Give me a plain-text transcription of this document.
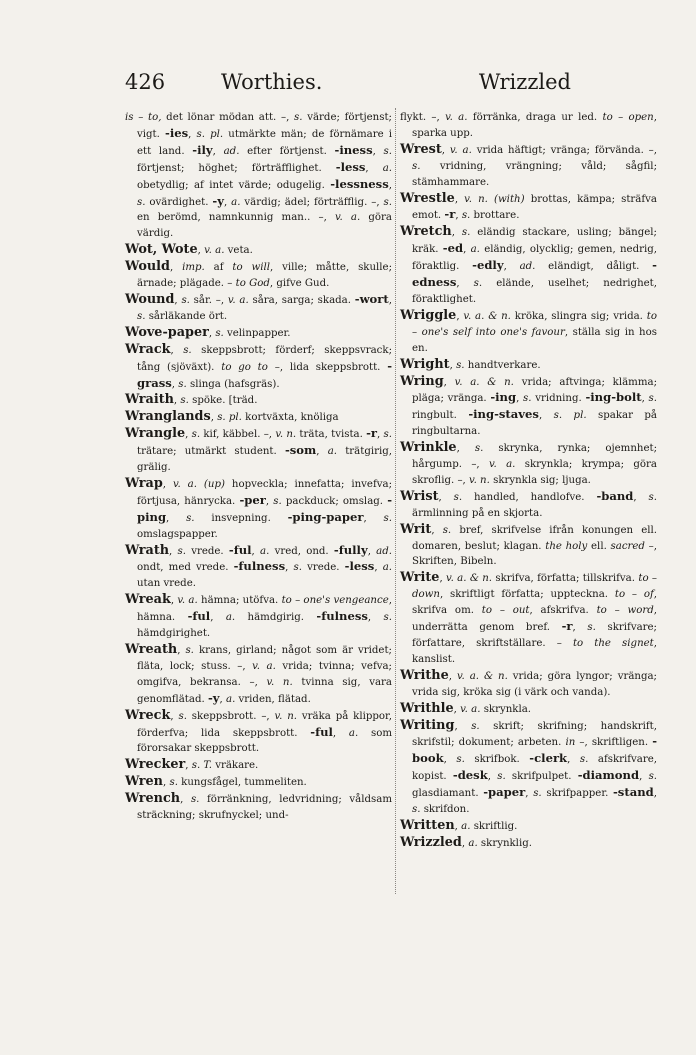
426	Worthies.	Wrizzled

is – to, det lönar mödan att. –, s. värde; förtjenst; vigt. -ies, s. pl. utmärkte män; de förnämare i ett land. -ily, ad. efter förtjenst. -iness, s. förtjenst; höghet; förträfflighet. -less, a. obetydlig; af intet värde; odugelig. -lessness, s. ovärdighet. -y, a. värdig; ädel; förträfflig. –, s. en berömd, namnkunnig man.. –, v. a. göra värdig.

Wot, Wote, v. a. veta.

Would, imp. af to will, ville; måtte, skulle; ärnade; plägade. – to God, gifve Gud.

Wound, s. sår. –, v. a. såra, sarga; skada. -wort, s. sårläkande ört.

Wove-paper, s. velinpapper.

Wrack, s. skeppsbrott; förderf; skeppsvrack; tång (sjöväxt). to go to –, lida skeppsbrott. -grass, s. slinga (hafsgräs).

Wraith, s. spöke. [träd.

Wranglands, s. pl. kortväxta, knöliga

Wrangle, s. kif, käbbel. –, v. n. träta, tvista. -r, s. trätare; utmärkt student. -som, a. trätgirig, grälig.

Wrap, v. a. (up) hopveckla; innefatta; invefva; förtjusa, hänrycka. -per, s. packduck; omslag. -ping, s. insvepning. -ping-paper, s. omslagspapper.

Wrath, s. vrede. -ful, a. vred, ond. -fully, ad. ondt, med vrede. -fulness, s. vrede. -less, a. utan vrede.

Wreak, v. a. hämna; utöfva. to – one's vengeance, hämna. -ful, a. hämdgirig. -fulness, s. hämdgirighet.

Wreath, s. krans, girland; något som är vridet; fläta, lock; stuss. –, v. a. vrida; tvinna; vefva; omgifva, bekransa. –, v. n. tvinna sig, vara genomflätad. -y, a. vriden, flätad.

Wreck, s. skeppsbrott. –, v. n. vräka på klippor, förderfva; lida skeppsbrott. -ful, a. som förorsakar skeppsbrott.

Wrecker, s. T. vräkare.

Wren, s. kungsfågel, tummeliten.

Wrench, s. förränkning, ledvridning; våldsam sträckning; skrufnyckel; und-

flykt. –, v. a. förränka, draga ur led. to – open, sparka upp.

Wrest, v. a. vrida häftigt; vränga; förvända. –, s. vridning, vrängning; våld; sågfil; stämhammare.

Wrestle, v. n. (with) brottas, kämpa; sträfva emot. -r, s. brottare.

Wretch, s. eländig stackare, usling; bängel; kräk. -ed, a. eländig, olycklig; gemen, nedrig, föraktlig. -edly, ad. eländigt, dåligt. -edness, s. elände, uselhet; nedrighet, föraktlighet.

Wriggle, v. a. & n. kröka, slingra sig; vrida. to – one's self into one's favour, ställa sig in hos en.

Wright, s. handtverkare.

Wring, v. a. & n. vrida; aftvinga; klämma; pläga; vränga. -ing, s. vridning. -ing-bolt, s. ringbult. -ing-staves, s. pl. spakar på ringbultarna.

Wrinkle, s. skrynka, rynka; ojemnhet; hårgump. –, v. a. skrynkla; krympa; göra skroflig. –, v. n. skrynkla sig; ljuga.

Wrist, s. handled, handlofve. -band, s. ärmlinning på en skjorta.

Writ, s. bref, skrifvelse ifrån konungen ell. domaren, beslut; klagan. the holy ell. sacred –, Skriften, Bibeln.

Write, v. a. & n. skrifva, författa; tillskrifva. to – down, skriftligt författa; uppteckna. to – of, skrifva om. to – out, afskrifva. to – word, underrätta genom bref. -r, s. skrifvare; författare, skriftställare. – to the signet, kanslist.

Writhe, v. a. & n. vrida; göra lyngor; vränga; vrida sig, kröka sig (i värk och vanda).

Writhle, v. a. skrynkla.

Writing, s. skrift; skrifning; handskrift, skrifstil; dokument; arbeten. in –, skriftligen. -book, s. skrifbok. -clerk, s. afskrifvare, kopist. -desk, s. skrifpulpet. -diamond, s. glasdiamant. -paper, s. skrifpapper. -stand, s. skrifdon.

Written, a. skriftlig.

Wrizzled, a. skrynklig.
